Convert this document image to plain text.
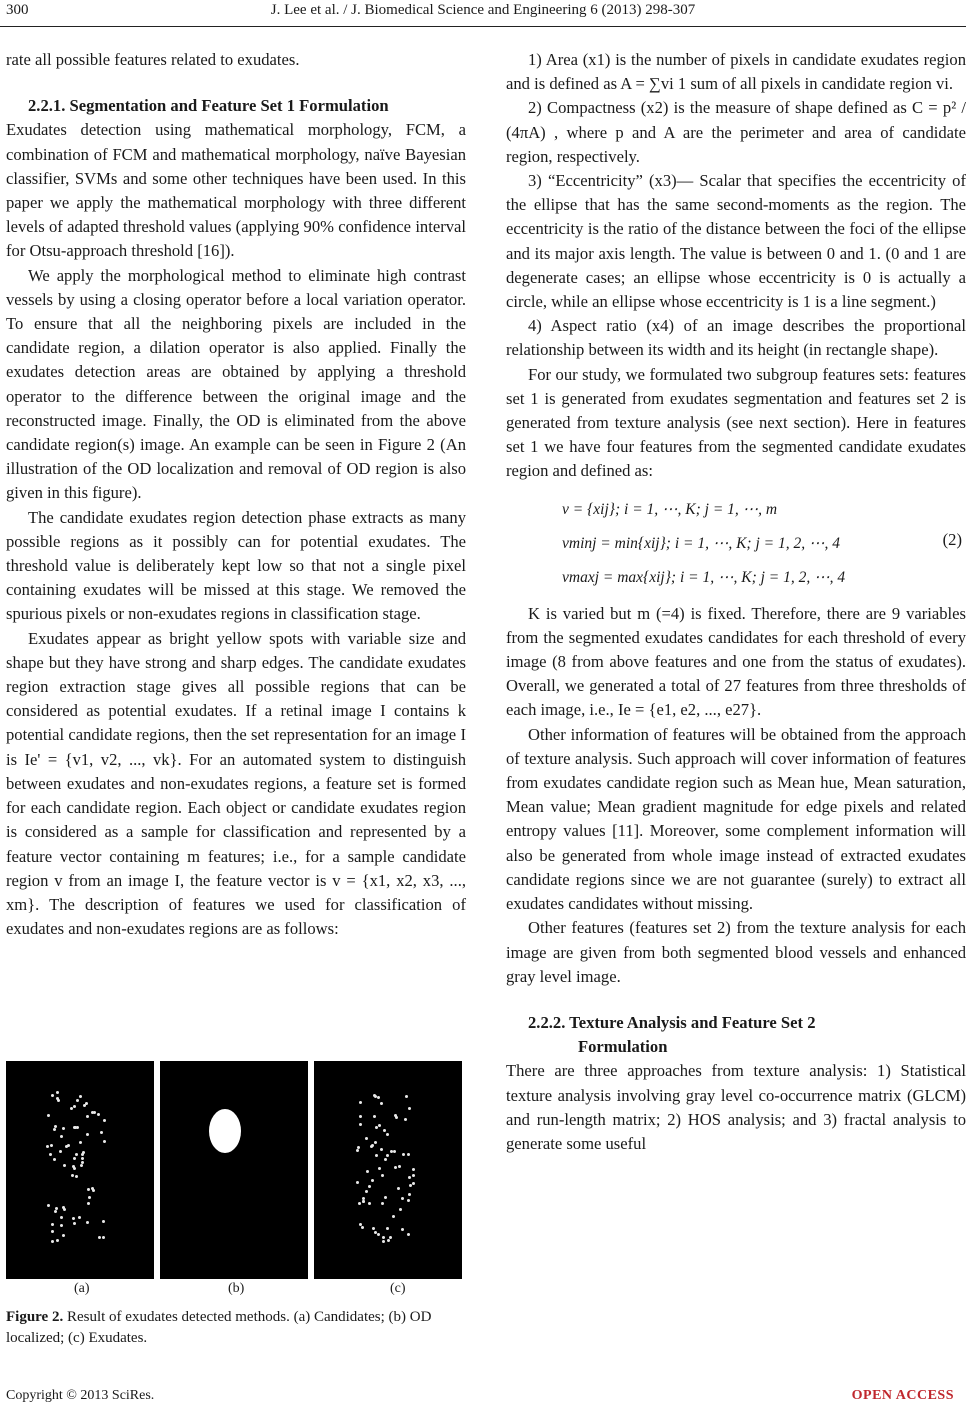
300	J. Lee et al. / J. Biomedical Science and Engineering 6 (2013) 298-307

rate all possible features related to exudates.

2.2.1. Segmentation and Feature Set 1 Formulation

Exudates detection using mathematical morphology, FCM, a combination of FCM and mathematical morphology, naïve Bayesian classifier, SVMs and some other techniques have been used. In this paper we apply the mathematical morphology with three different levels of adapted threshold values (applying 90% confidence interval for Otsu-approach threshold [16]).

We apply the morphological method to eliminate high contrast vessels by using a closing operator before a local variation operator. To ensure that all the neighboring pixels are included in the candidate region, a dilation operator is also applied. Finally the exudates detection areas are obtained by applying a threshold operator to the difference between the original image and the reconstructed image. Finally, the OD is eliminated from the above candidate region(s) image. An example can be seen in Figure 2 (An illustration of the OD localization and removal of OD region is also given in this figure).

The candidate exudates region detection phase extracts as many possible regions as it possibly can for potential exudates. The threshold value is deliberately kept low so that not a single pixel containing exudates will be missed at this stage. We removed the spurious pixels or non-exudates regions in classification stage.

Exudates appear as bright yellow spots with variable size and shape but they have strong and sharp edges. The candidate exudates region extraction stage gives all possible regions that can be considered as potential exudates. If a retinal image I contains k potential candidate regions, then the set representation for an image I is Ie' = {v1, v2, ..., vk}. For an automated system to distinguish between exudates and non-exudates regions, a feature set is formed for each candidate region. Each object or candidate exudates region is considered as a sample for classification and represented by a feature vector containing m features; i.e., for a sample candidate region v from an image I, the feature vector is v = {x1, x2, x3, ..., xm}. The description of features we used for classification of exudates and non-exudates regions are as follows:

(a)	(b)	(c)
Figure 2. Result of exudates detected methods. (a) Candidates; (b) OD localized; (c) Exudates.

1) Area (x1) is the number of pixels in candidate exudates region and is defined as A = ∑vi 1 sum of all pixels in candidate region vi.

2) Compactness (x2) is the measure of shape defined as C = p² / (4πA) , where p and A are the perimeter and area of candidate region, respectively.

3) “Eccentricity” (x3)— Scalar that specifies the eccentricity of the ellipse that has the same second-moments as the region. The eccentricity is the ratio of the distance between the foci of the ellipse and its major axis length. The value is between 0 and 1. (0 and 1 are degenerate cases; an ellipse whose eccentricity is 0 is actually a circle, while an ellipse whose eccentricity is 1 is a line segment.)

4) Aspect ratio (x4) of an image describes the proportional relationship between its width and its height (in rectangle shape).

For our study, we formulated two subgroup features sets: features set 1 is generated from exudates segmentation and features set 2 is generated from texture analysis (see next section). Here in features set 1 we have four features from the segmented candidate exudates region and defined as:

v = {xij}; i = 1, ⋯, K; j = 1, ⋯, m
vminj = min{xij}; i = 1, ⋯, K; j = 1, 2, ⋯, 4
vmaxj = max{xij}; i = 1, ⋯, K; j = 1, 2, ⋯, 4
(2)

K is varied but m (=4) is fixed. Therefore, there are 9 variables from the segmented exudates candidates for each threshold of every image (8 from above features and one from the status of exudates). Overall, we generated a total of 27 features from three thresholds of each image, i.e., Ie = {e1, e2, ..., e27}.

Other information of features will be obtained from the approach of texture analysis. Such approach will cover information of features from exudates candidate region such as Mean hue, Mean saturation, Mean value; Mean gradient magnitude for edge pixels and related entropy values [11]. Moreover, some complement information will also be generated from whole image instead of extracted exudates candidate regions since we are not guarantee (surely) to extract all exudates candidates without missing.

Other features (features set 2) from the texture analysis for each image are given from both segmented blood vessels and enhanced gray level image.

2.2.2. Texture Analysis and Feature Set 2

Formulation

There are three approaches from texture analysis: 1) Statistical texture analysis involving gray level co-occurrence matrix (GLCM) and run-length matrix; 2) HOS analysis; and 3) fractal analysis to generate some useful

Copyright © 2013 SciRes.	OPEN ACCESS
